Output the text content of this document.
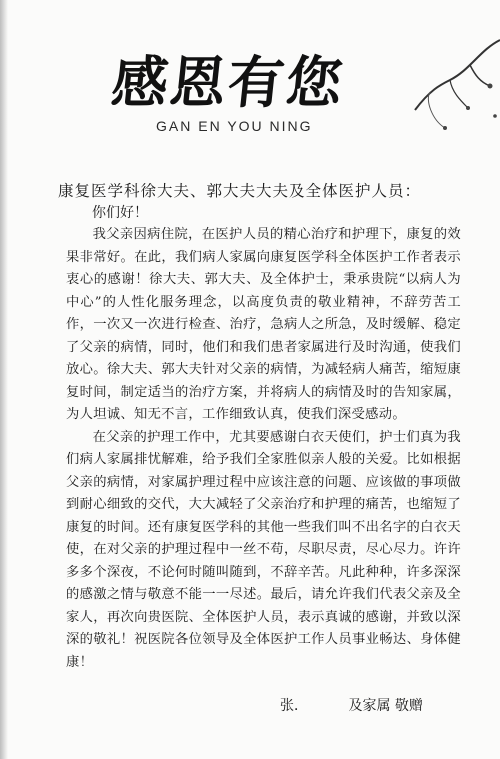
感恩有您
GAN EN YOU NING
康复医学科徐大夫、郭大夫大夫及全体医护人员：
你们好！

我父亲因病住院，在医护人员的精心治疗和护理下，康复的效果非常好。在此，我们病人家属向康复医学科全体医护工作者表示衷心的感谢！徐大夫、郭大夫、及全体护士，秉承贵院“以病人为中心”的人性化服务理念，以高度负责的敬业精神，不辞劳苦工作，一次又一次进行检查、治疗，急病人之所急，及时缓解、稳定了父亲的病情，同时，他们和我们患者家属进行及时沟通，使我们放心。徐大夫、郭大夫针对父亲的病情，为减轻病人痛苦，缩短康复时间，制定适当的治疗方案，并将病人的病情及时的告知家属，为人坦诚、知无不言，工作细致认真，使我们深受感动。

在父亲的护理工作中，尤其要感谢白衣天使们，护士们真为我们病人家属排忧解难，给予我们全家胜似亲人般的关爱。比如根据父亲的病情，对家属护理过程中应该注意的问题、应该做的事项做到耐心细致的交代，大大减轻了父亲治疗和护理的痛苦，也缩短了康复的时间。还有康复医学科的其他一些我们叫不出名字的白衣天使，在对父亲的护理过程中一丝不苟，尽职尽责，尽心尽力。许许多多个深夜，不论何时随叫随到，不辞辛苦。凡此种种，许多深深的感激之情与敬意不能一一尽述。最后，请允许我们代表父亲及全家人，再次向贵医院、全体医护人员，表示真诚的感谢，并致以深深的敬礼！祝医院各位领导及全体医护工作人员事业畅达、身体健康！

张．	及家属 敬赠
